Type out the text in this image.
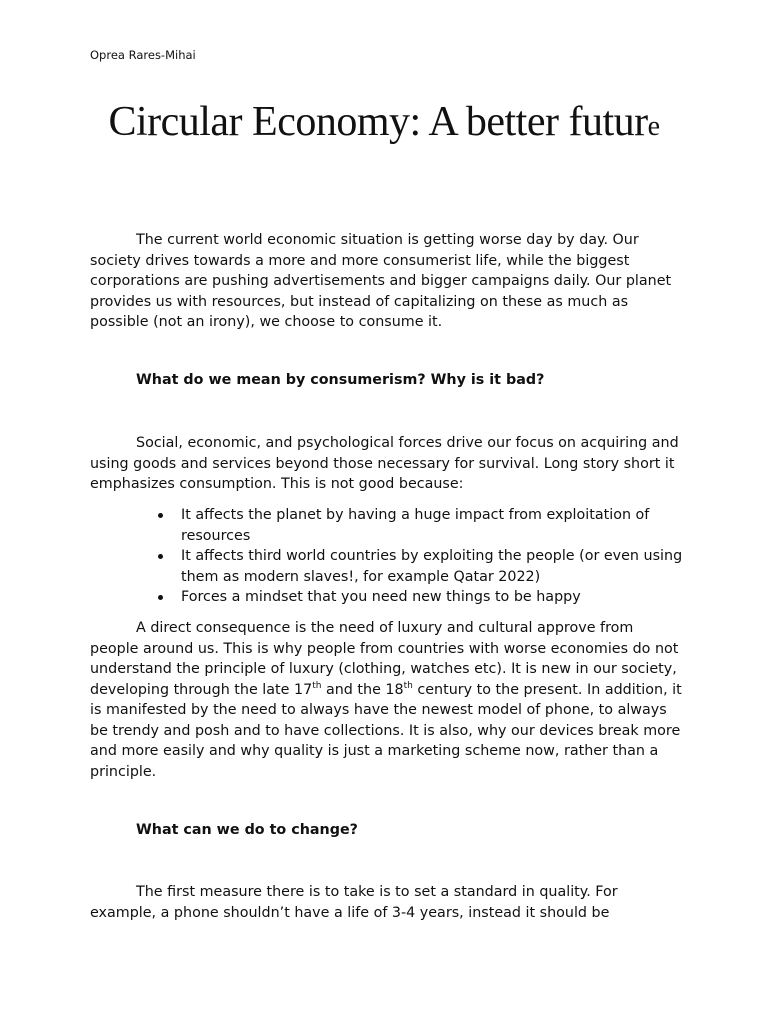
Oprea Rares-Mihai
Circular Economy: A better future

The current world economic situation is getting worse day by day. Our society drives towards a more and more consumerist life, while the biggest corporations are pushing advertisements and bigger campaigns daily. Our planet provides us with resources, but instead of capitalizing on these as much as possible (not an irony), we choose to consume it.

What do we mean by consumerism? Why is it bad?

Social, economic, and psychological forces drive our focus on acquiring and using goods and services beyond those necessary for survival. Long story short it emphasizes consumption. This is not good because:

It affects the planet by having a huge impact from exploitation of resources
It affects third world countries by exploiting the people (or even using them as modern slaves!, for example Qatar 2022)
Forces a mindset that you need new things to be happy

A direct consequence is the need of luxury and cultural approve from people around us. This is why people from countries with worse economies do not understand the principle of luxury (clothing, watches etc). It is new in our society, developing through the late 17th and the 18th century to the present. In addition, it is manifested by the need to always have the newest model of phone, to always be trendy and posh and to have collections. It is also, why our devices break more and more easily and why quality is just a marketing scheme now, rather than a principle.

What can we do to change?

The first measure there is to take is to set a standard in quality. For example, a phone shouldn’t have a life of 3-4 years, instead it should be
